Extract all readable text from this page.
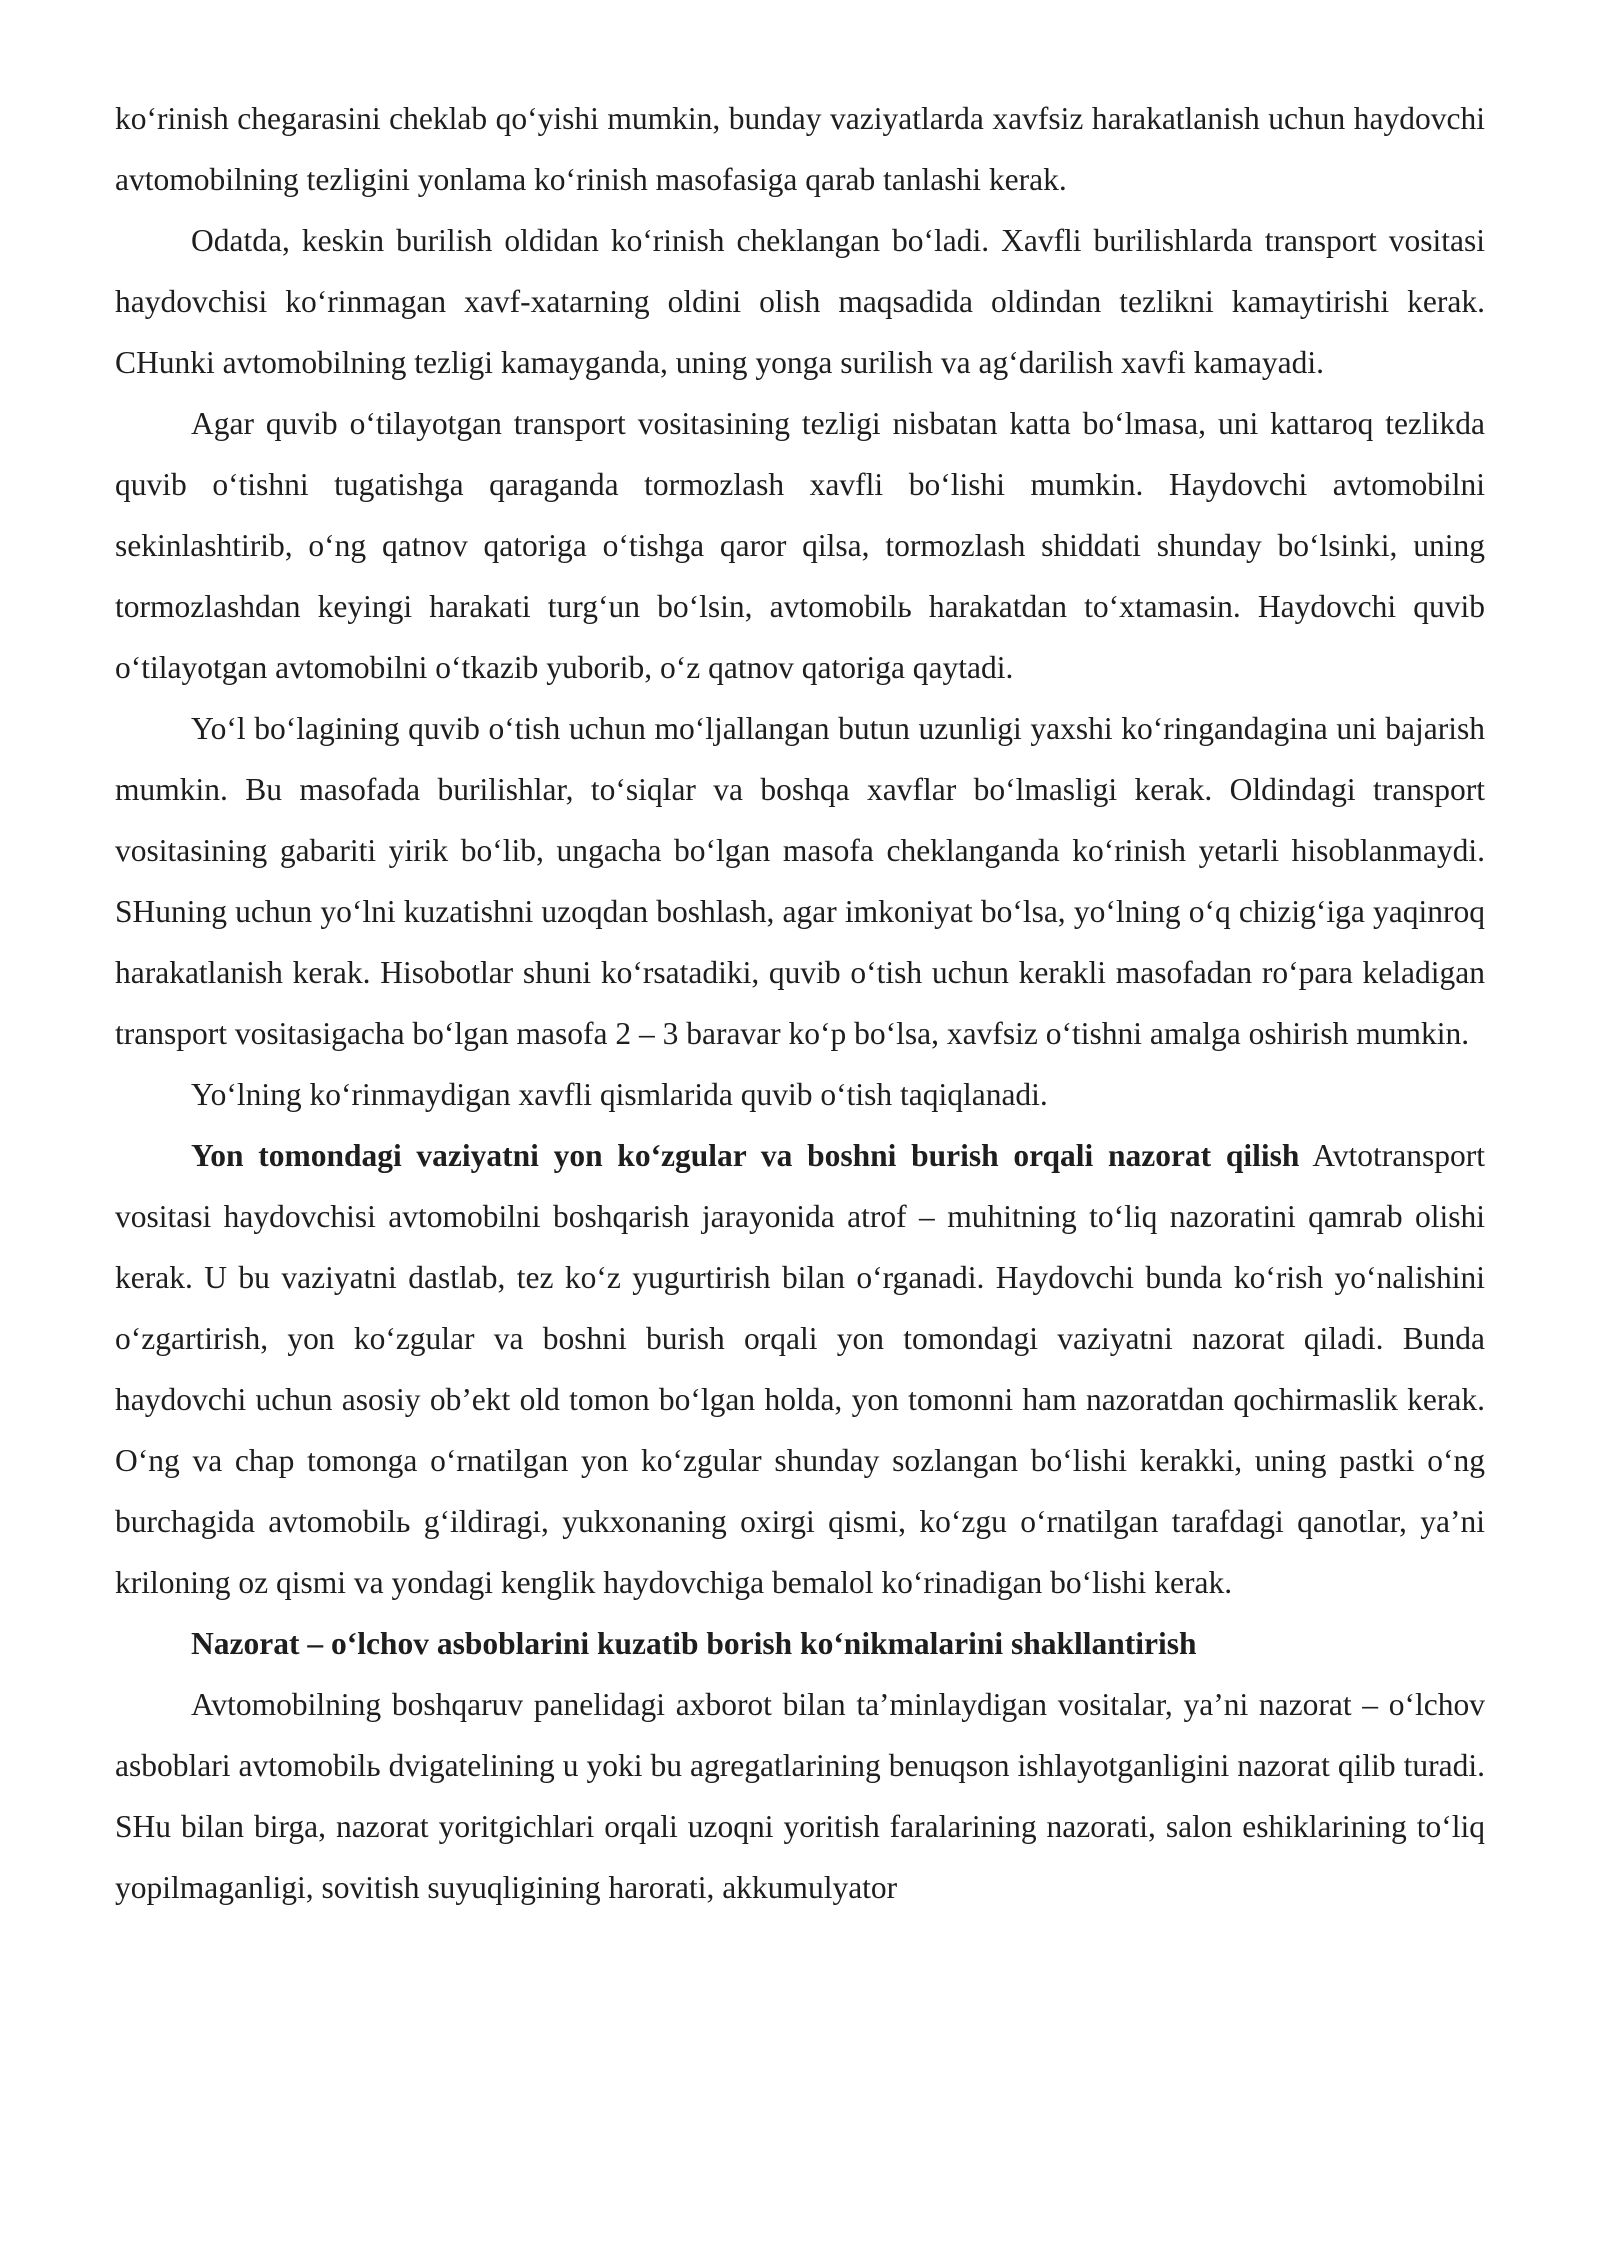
ko‘rinish chegarasini cheklab qo‘yishi mumkin, bunday vaziyatlarda xavfsiz harakatlanish uchun haydovchi avtomobilning tezligini yonlama ko‘rinish masofasiga qarab tanlashi kerak.

Odatda, keskin burilish oldidan ko‘rinish cheklangan bo‘ladi. Xavfli burilishlarda transport vositasi haydovchisi ko‘rinmagan xavf-xatarning oldini olish maqsadida oldindan tezlikni kamaytirishi kerak. CHunki avtomobilning tezligi kamayganda, uning yonga surilish va ag‘darilish xavfi kamayadi.

Agar quvib o‘tilayotgan transport vositasining tezligi nisbatan katta bo‘lmasa, uni kattaroq tezlikda quvib o‘tishni tugatishga qaraganda tormozlash xavfli bo‘lishi mumkin. Haydovchi avtomobilni sekinlashtirib, o‘ng qatnov qatoriga o‘tishga qaror qilsa, tormozlash shiddati shunday bo‘lsinki, uning tormozlashdan keyingi harakati turg‘un bo‘lsin, avtomobilь harakatdan to‘xtamasin. Haydovchi quvib o‘tilayotgan avtomobilni o‘tkazib yuborib, o‘z qatnov qatoriga qaytadi.

Yo‘l bo‘lagining quvib o‘tish uchun mo‘ljallangan butun uzunligi yaxshi ko‘ringandagina uni bajarish mumkin. Bu masofada burilishlar, to‘siqlar va boshqa xavflar bo‘lmasligi kerak. Oldindagi transport vositasining gabariti yirik bo‘lib, ungacha bo‘lgan masofa cheklanganda ko‘rinish yetarli hisoblanmaydi. SHuning uchun yo‘lni kuzatishni uzoqdan boshlash, agar imkoniyat bo‘lsa, yo‘lning o‘q chizig‘iga yaqinroq harakatlanish kerak. Hisobotlar shuni ko‘rsatadiki, quvib o‘tish uchun kerakli masofadan ro‘para keladigan transport vositasigacha bo‘lgan masofa 2 – 3 baravar ko‘p bo‘lsa, xavfsiz o‘tishni amalga oshirish mumkin.

Yo‘lning ko‘rinmaydigan xavfli qismlarida quvib o‘tish taqiqlanadi.

Yon tomondagi vaziyatni yon ko‘zgular va boshni burish orqali nazorat qilish Avtotransport vositasi haydovchisi avtomobilni boshqarish jarayonida atrof – muhitning to‘liq nazoratini qamrab olishi kerak. U bu vaziyatni dastlab, tez ko‘z yugurtirish bilan o‘rganadi. Haydovchi bunda ko‘rish yo‘nalishini o‘zgartirish, yon ko‘zgular va boshni burish orqali yon tomondagi vaziyatni nazorat qiladi. Bunda haydovchi uchun asosiy ob’ekt old tomon bo‘lgan holda, yon tomonni ham nazoratdan qochirmaslik kerak. O‘ng va chap tomonga o‘rnatilgan yon ko‘zgular shunday sozlangan bo‘lishi kerakki, uning pastki o‘ng burchagida avtomobilь g‘ildiragi, yukxonaning oxirgi qismi, ko‘zgu o‘rnatilgan tarafdagi qanotlar, ya’ni kriloning oz qismi va yondagi kenglik haydovchiga bemalol ko‘rinadigan bo‘lishi kerak.

Nazorat – o‘lchov asboblarini kuzatib borish ko‘nikmalarini shakllantirish

Avtomobilning boshqaruv panelidagi axborot bilan ta’minlaydigan vositalar, ya’ni nazorat – o‘lchov asboblari avtomobilь dvigatelining u yoki bu agregatlarining benuqson ishlayotganligini nazorat qilib turadi. SHu bilan birga, nazorat yoritgichlari orqali uzoqni yoritish faralarining nazorati, salon eshiklarining to‘liq yopilmaganligi, sovitish suyuqligining harorati, akkumulyator
